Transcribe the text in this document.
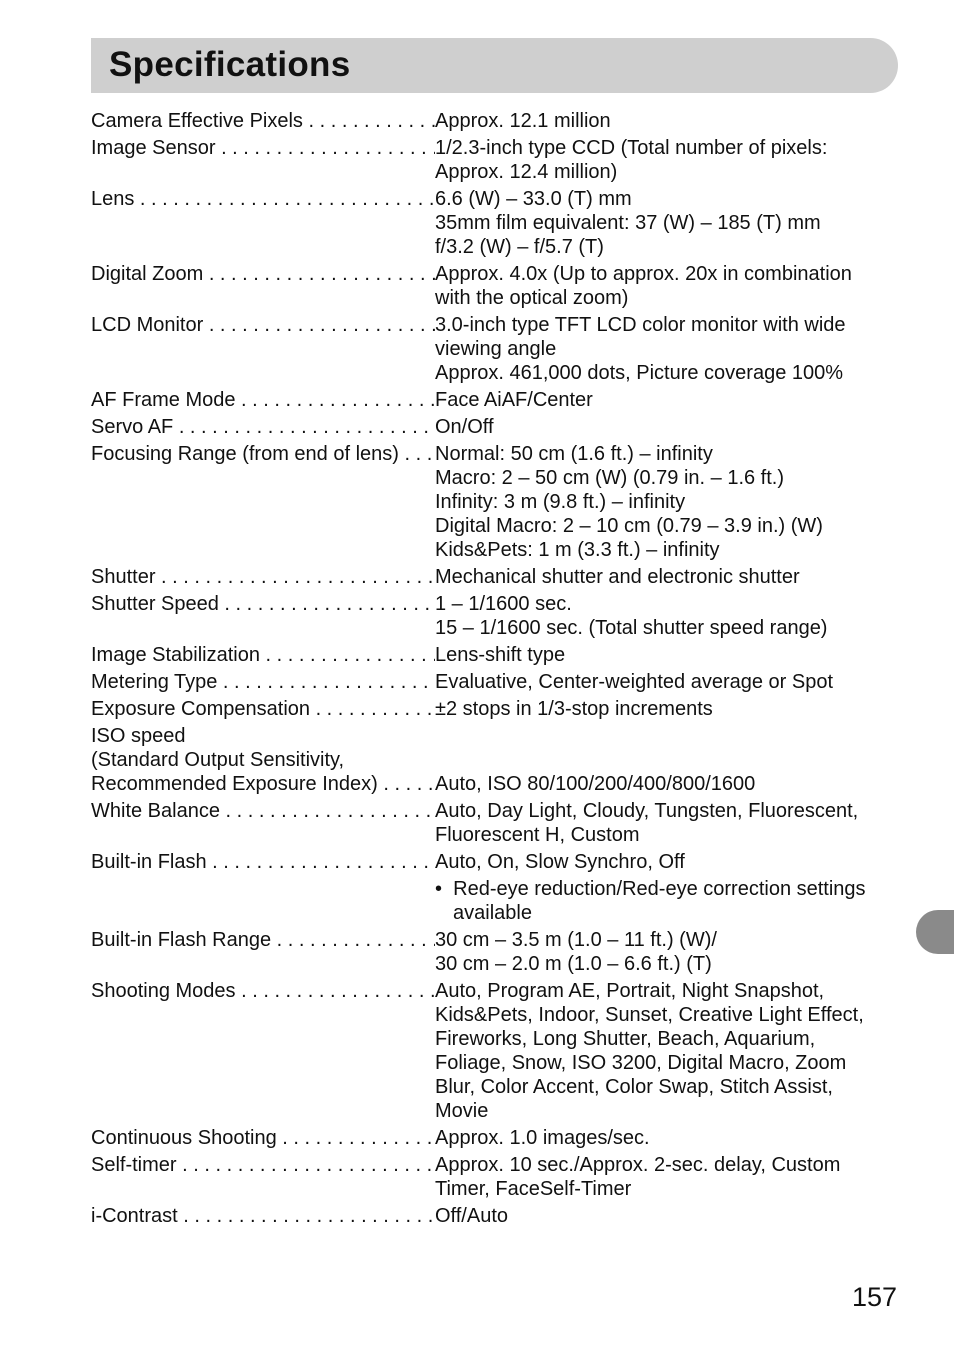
Specifications
Camera Effective Pixels . . .	Approx. 12.1 million
Image Sensor . . .	1/2.3-inch type CCD (Total number of pixels:
Approx. 12.4 million)
Lens . . .	6.6 (W) – 33.0 (T) mm
35mm film equivalent: 37 (W) – 185 (T) mm
f/3.2 (W) – f/5.7 (T)
Digital Zoom . . .	Approx. 4.0x (Up to approx. 20x in combination
with the optical zoom)
LCD Monitor . . .	3.0-inch type TFT LCD color monitor with wide
viewing angle
Approx. 461,000 dots, Picture coverage 100%
AF Frame Mode . . .	Face AiAF/Center
Servo AF . . .	On/Off
Focusing Range (from end of lens) . . .	Normal: 50 cm (1.6 ft.) – infinity
Macro: 2 – 50 cm (W) (0.79 in. – 1.6 ft.)
Infinity: 3 m (9.8 ft.) – infinity
Digital Macro: 2 – 10 cm (0.79 – 3.9 in.) (W)
Kids&Pets: 1 m (3.3 ft.) – infinity
Shutter . . .	Mechanical shutter and electronic shutter
Shutter Speed . . .	1 – 1/1600 sec.
15 – 1/1600 sec. (Total shutter speed range)
Image Stabilization . . .	Lens-shift type
Metering Type . . .	Evaluative, Center-weighted average or Spot
Exposure Compensation . . .	±2 stops in 1/3-stop increments
ISO speed
(Standard Output Sensitivity,
Recommended Exposure Index) . . .

	Auto, ISO 80/100/200/400/800/1600
White Balance . . .	Auto, Day Light, Cloudy, Tungsten, Fluorescent,
Fluorescent H, Custom
Built-in Flash . . .	Auto, On, Slow Synchro, Off
•  Red-eye reduction/Red-eye correction settings
available
Built-in Flash Range . . .	30 cm – 3.5 m (1.0 – 11 ft.) (W)/
30 cm – 2.0 m (1.0 – 6.6 ft.) (T)
Shooting Modes . . .	Auto, Program AE, Portrait, Night Snapshot,
Kids&Pets, Indoor, Sunset, Creative Light Effect,
Fireworks, Long Shutter, Beach, Aquarium,
Foliage, Snow, ISO 3200, Digital Macro, Zoom
Blur, Color Accent, Color Swap, Stitch Assist,
Movie
Continuous Shooting . . .	Approx. 1.0 images/sec.
Self-timer . . .	Approx. 10 sec./Approx. 2-sec. delay, Custom
Timer, FaceSelf-Timer
i-Contrast . . .	Off/Auto
157
